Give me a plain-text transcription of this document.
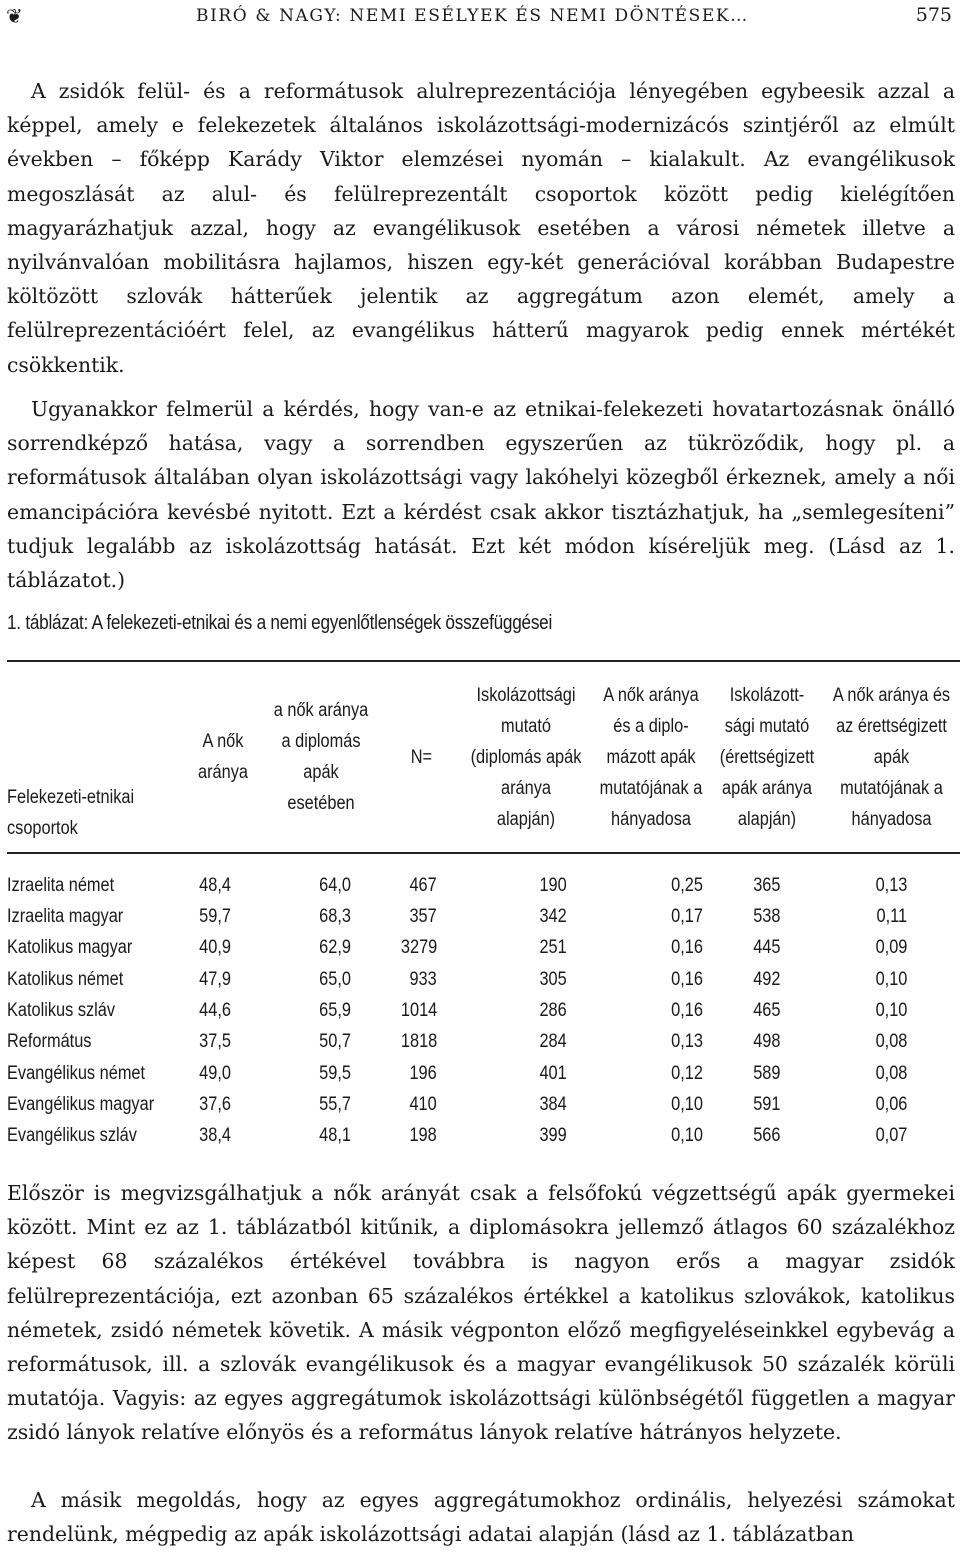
❦	BIRÓ & NAGY: NEMI ESÉLYEK ÉS NEMI DÖNTÉSEK…	575

A zsidók felül- és a reformátusok alulreprezentációja lényegében egybeesik azzal a képpel, amely e felekezetek általános iskolázottsági-modernizácós szintjéről az elmúlt években – főképp Karády Viktor elemzései nyomán – kialakult. Az evangélikusok megoszlását az alul- és felülreprezentált csoportok között pedig kielégítően magyarázhatjuk azzal, hogy az evangélikusok esetében a városi németek illetve a nyilvánvalóan mobilitásra hajlamos, hiszen egy-két generációval korábban Budapestre költözött szlovák hátterűek jelentik az aggregátum azon elemét, amely a felülreprezentációért felel, az evangélikus hátterű magyarok pedig ennek mértékét csökkentik.

Ugyanakkor felmerül a kérdés, hogy van-e az etnikai-felekezeti hovatartozásnak önálló sorrendképző hatása, vagy a sorrendben egyszerűen az tükröződik, hogy pl. a reformátusok általában olyan iskolázottsági vagy lakóhelyi közegből érkeznek, amely a női emancipációra kevésbé nyitott. Ezt a kérdést csak akkor tisztázhatjuk, ha „semlegesíteni” tudjuk legalább az iskolázottság hatását. Ezt két módon kíséreljük meg. (Lásd az 1. táblázatot.)

1. táblázat: A felekezeti-etnikai és a nemi egyenlőtlenségek összefüggései

Felekezeti-etnikai csoportok	A nők aránya	a nők aránya a diplomás apák esetében	N=	Iskolázottsági mutató (diplomás apák aránya alapján)	A nők aránya és a diplomázott apák mutatójának a hányadosa	Iskolázottsági mutató (érettségizett apák aránya alapján)	A nők aránya és az érettségizett apák mutatójának a hányadosa
Izraelita német	48,4	64,0	467	190	0,25	365	0,13
Izraelita magyar	59,7	68,3	357	342	0,17	538	0,11
Katolikus magyar	40,9	62,9	3279	251	0,16	445	0,09
Katolikus német	47,9	65,0	933	305	0,16	492	0,10
Katolikus szláv	44,6	65,9	1014	286	0,16	465	0,10
Református	37,5	50,7	1818	284	0,13	498	0,08
Evangélikus német	49,0	59,5	196	401	0,12	589	0,08
Evangélikus magyar	37,6	55,7	410	384	0,10	591	0,06
Evangélikus szláv	38,4	48,1	198	399	0,10	566	0,07

Először is megvizsgálhatjuk a nők arányát csak a felsőfokú végzettségű apák gyermekei között. Mint ez az 1. táblázatból kitűnik, a diplomásokra jellemző átlagos 60 százalékhoz képest 68 százalékos értékével továbbra is nagyon erős a magyar zsidók felülreprezentációja, ezt azonban 65 százalékos értékkel a katolikus szlovákok, katolikus németek, zsidó németek követik. A másik végponton előző megfigyeléseinkkel egybevág a reformátusok, ill. a szlovák evangélikusok és a magyar evangélikusok 50 százalék körüli mutatója. Vagyis: az egyes aggregátumok iskolázottsági különbségétől független a magyar zsidó lányok relatíve előnyös és a református lányok relatíve hátrányos helyzete.

A másik megoldás, hogy az egyes aggregátumokhoz ordinális, helyezési számokat rendelünk, mégpedig az apák iskolázottsági adatai alapján (lásd az 1. táblázatban
